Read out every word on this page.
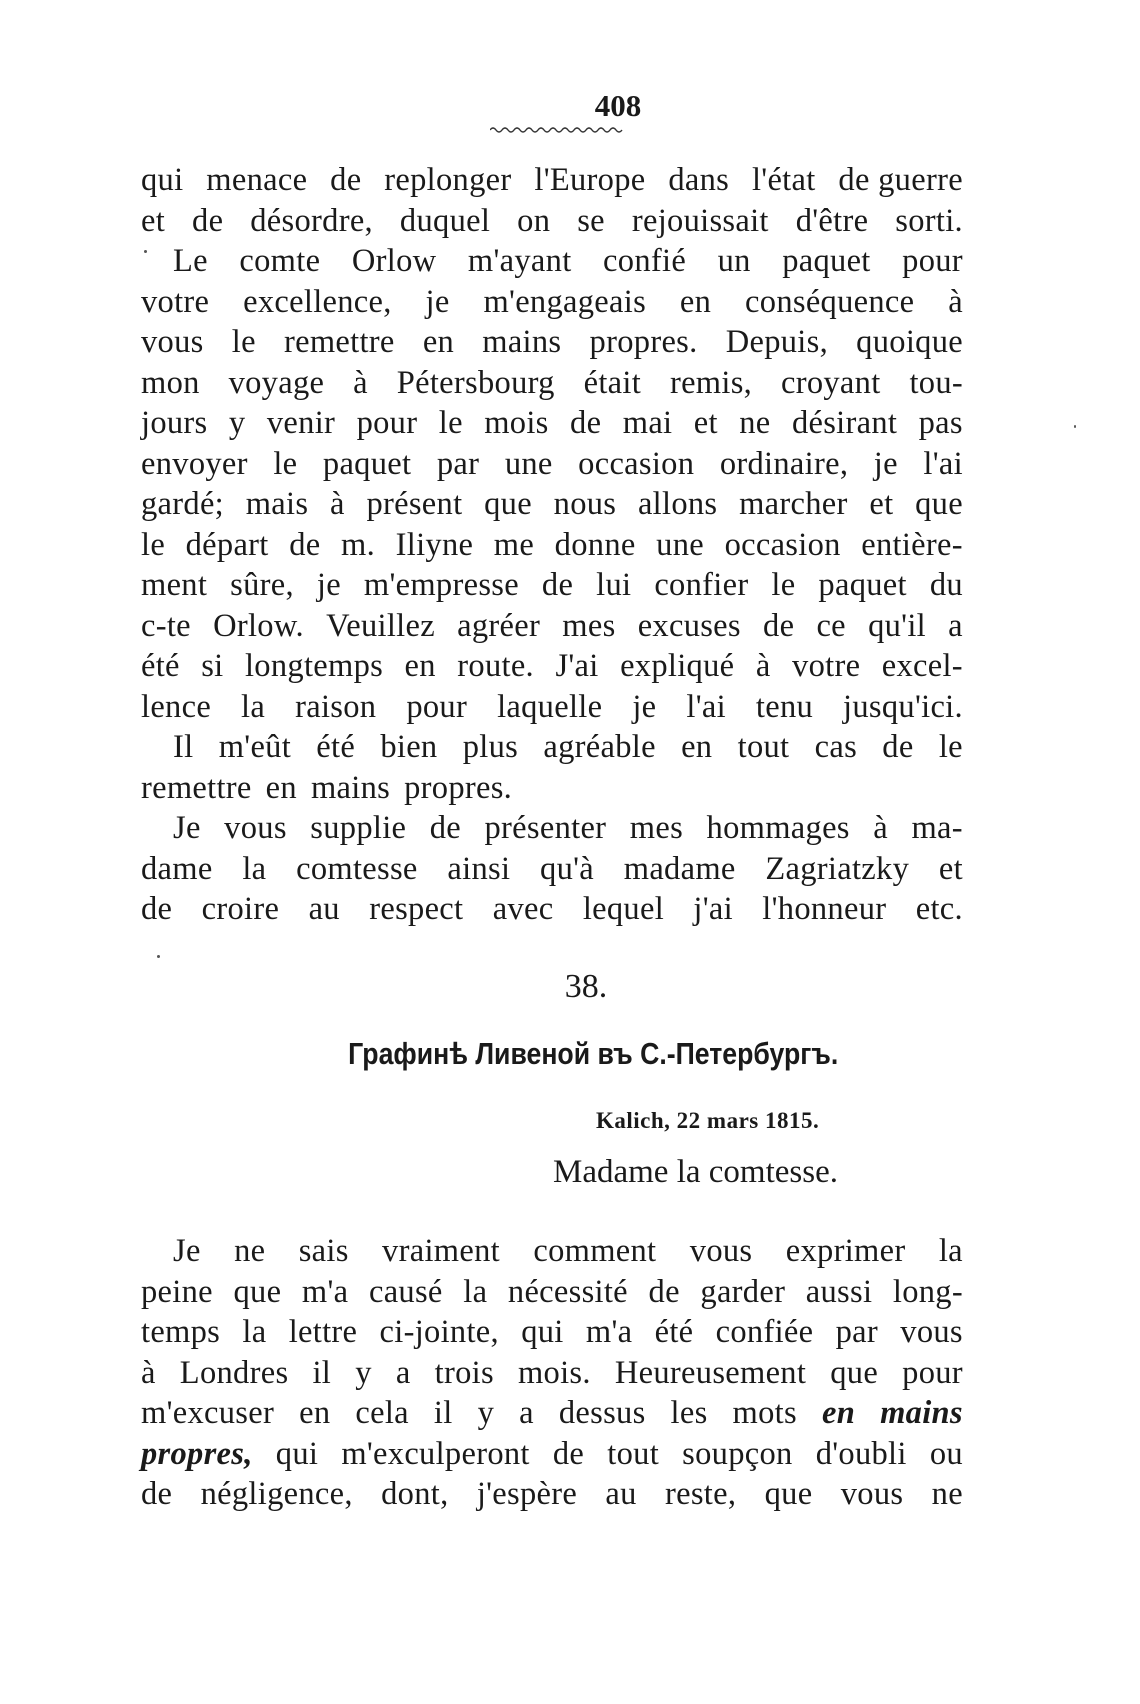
408
qui menace de replonger l'Europe dans l'état de guerre
et de désordre, duquel on se rejouissait d'être sorti.
Le comte Orlow m'ayant confié un paquet pour
votre excellence, je m'engageais en conséquence à
vous le remettre en mains propres. Depuis, quoique
mon voyage à Pétersbourg était remis, croyant tou-
jours y venir pour le mois de mai et ne désirant pas
envoyer le paquet par une occasion ordinaire, je l'ai
gardé; mais à présent que nous allons marcher et que
le départ de m. Iliyne me donne une occasion entière-
ment sûre, je m'empresse de lui confier le paquet du
c-te Orlow. Veuillez agréer mes excuses de ce qu'il a
été si longtemps en route. J'ai expliqué à votre excel-
lence la raison pour laquelle je l'ai tenu jusqu'ici.
Il m'eût été bien plus agréable en tout cas de le
remettre en mains propres.
Je vous supplie de présenter mes hommages à ma-
dame la comtesse ainsi qu'à madame Zagriatzky et
de croire au respect avec lequel j'ai l'honneur etc.
38.
Графинѣ Ливеной въ С.-Петербургъ.
Kalich, 22 mars 1815.
Madame la comtesse.
Je ne sais vraiment comment vous exprimer la
peine que m'a causé la nécessité de garder aussi long-
temps la lettre ci-jointe, qui m'a été confiée par vous
à Londres il y a trois mois. Heureusement que pour
m'excuser en cela il y a dessus les mots en mains
propres, qui m'exculperont de tout soupçon d'oubli ou
de négligence, dont, j'espère au reste, que vous ne
